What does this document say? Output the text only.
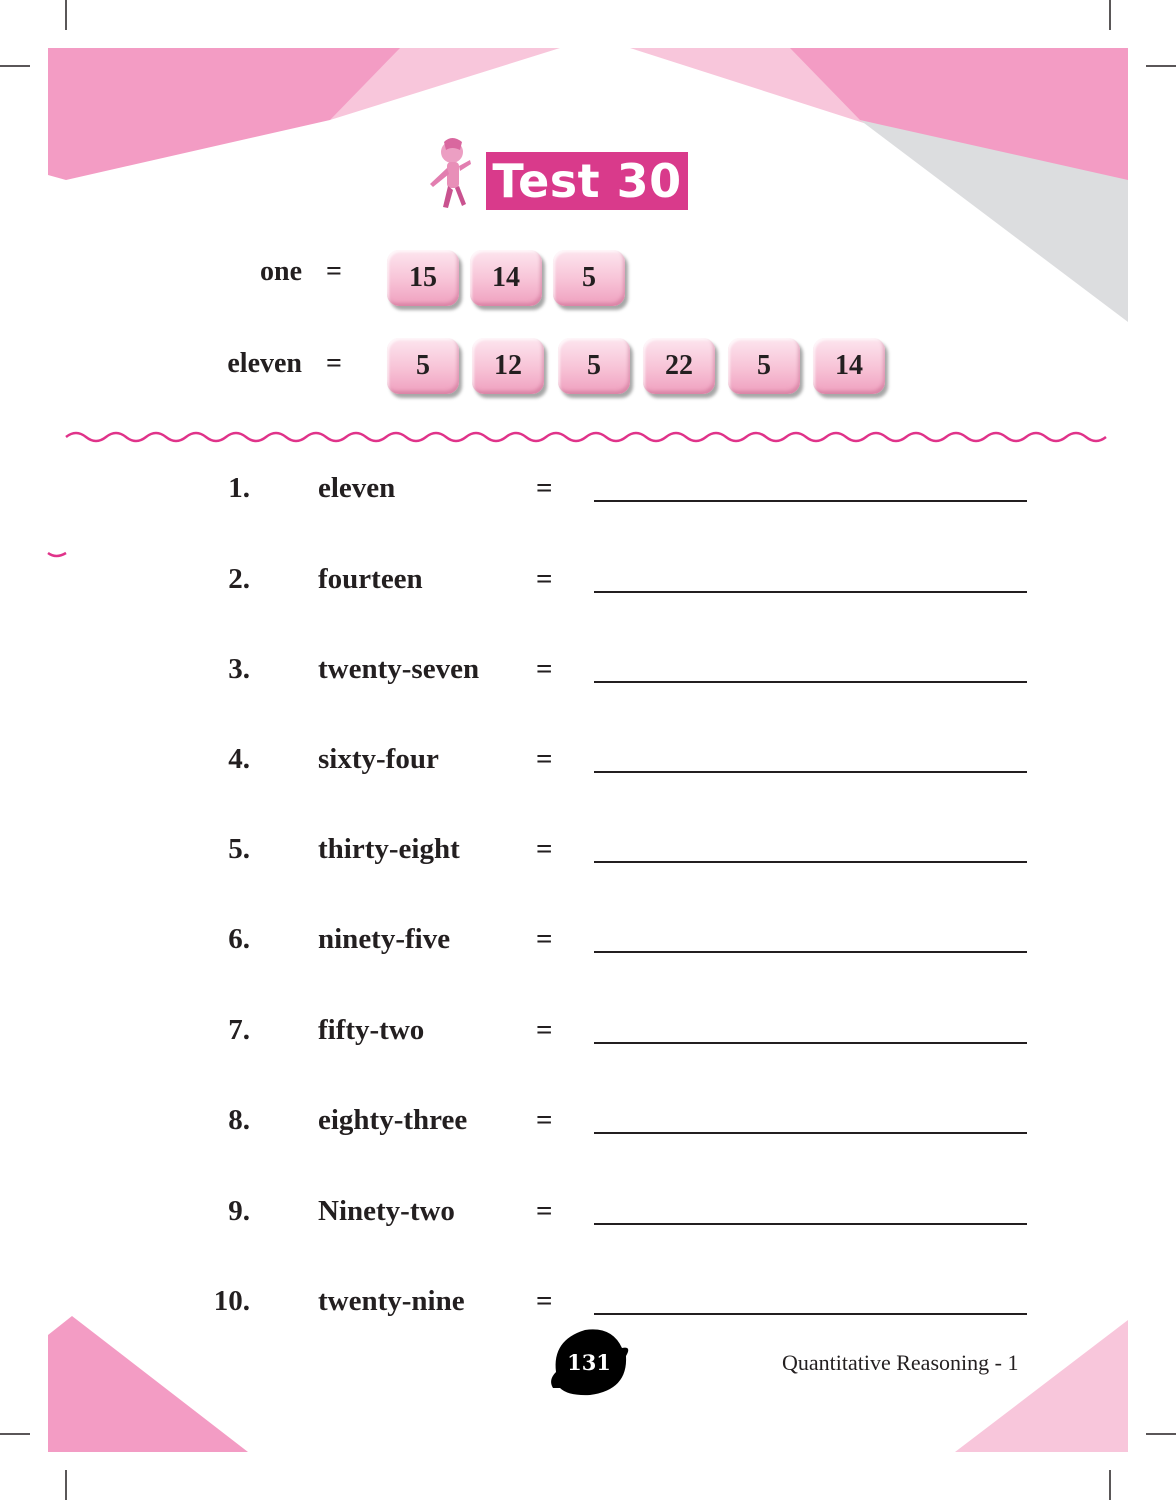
Test 30
one =	15	14	5
eleven =	5	12	5	22	5	14
1. eleven	=
2. fourteen	=
3. twenty-seven =
4. sixty-four	=
5. thirty-eight	=
6. ninety-five	=
7. fifty-two	=
8. eighty-three =
9. Ninety-two	=
10. twenty-nine =
131	Quantitative Reasoning - 1
